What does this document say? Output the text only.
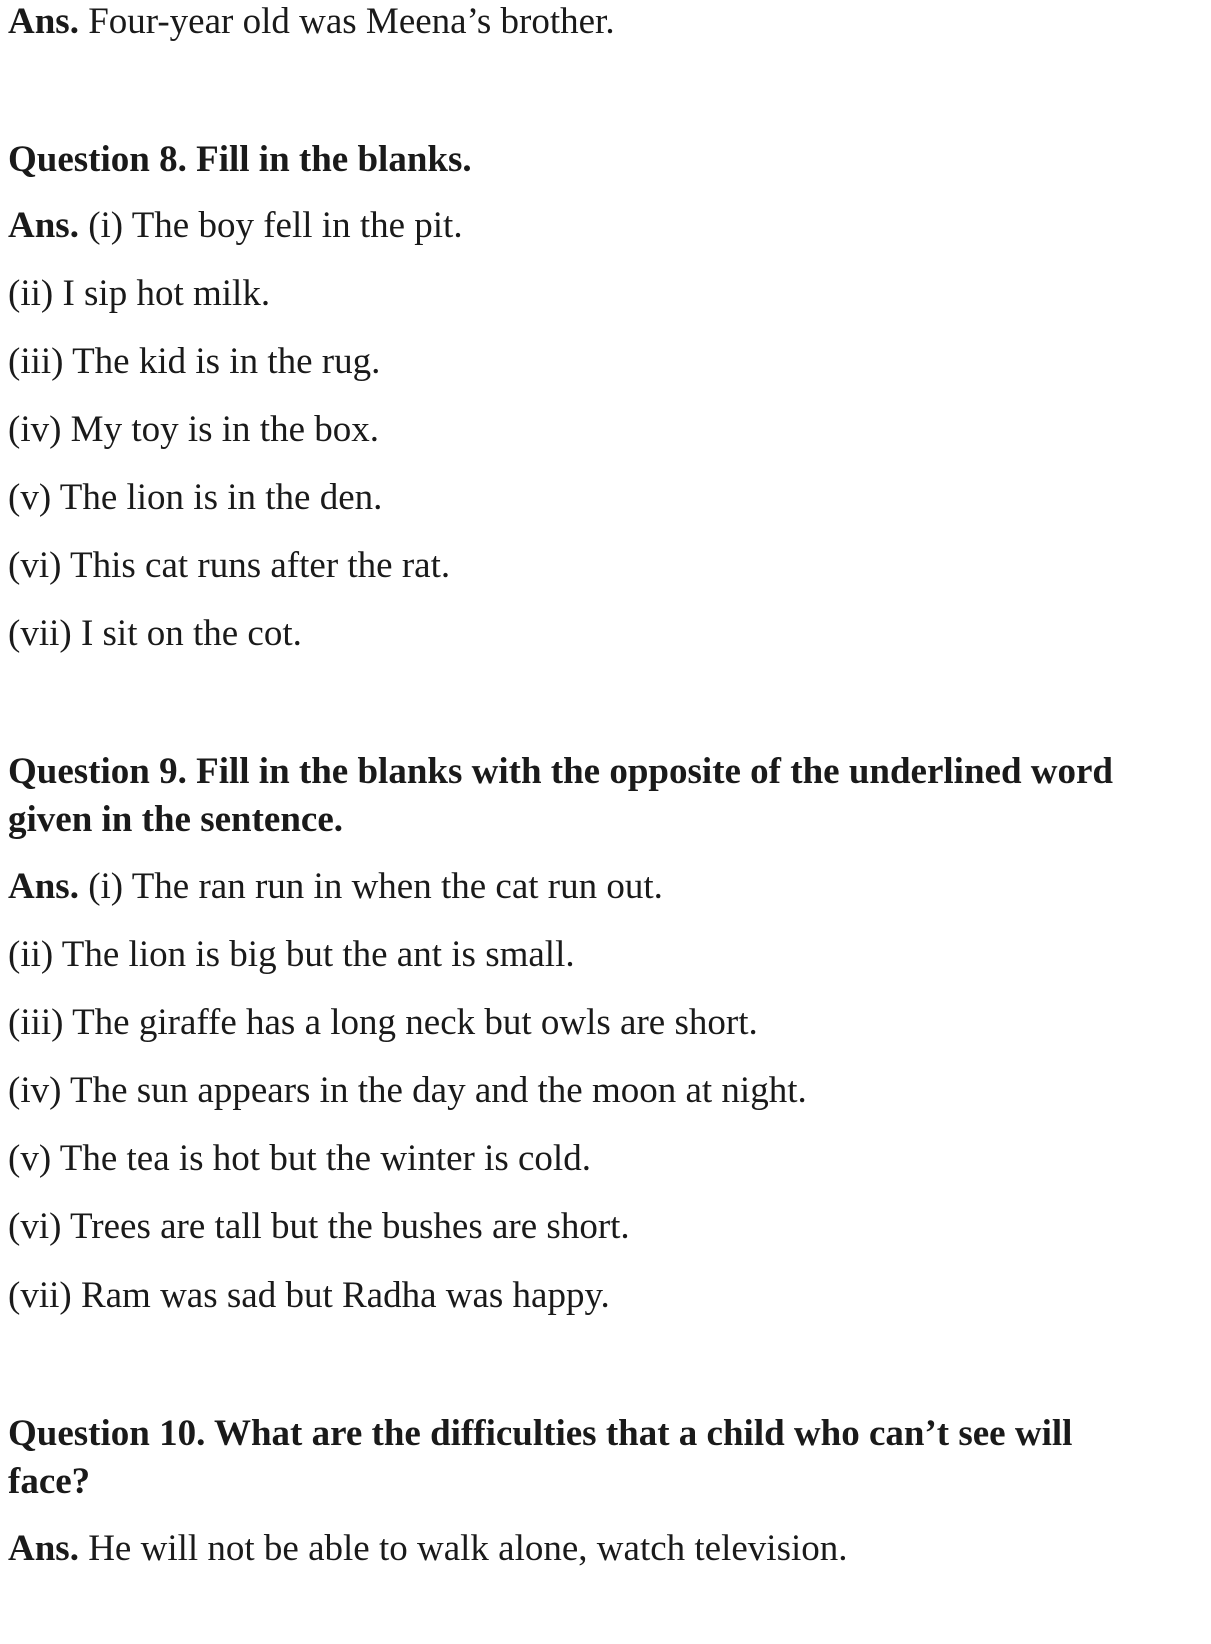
Ans. Four-year old was Meena’s brother.
Question 8. Fill in the blanks.
Ans. (i) The boy fell in the pit.
(ii) I sip hot milk.
(iii) The kid is in the rug.
(iv) My toy is in the box.
(v) The lion is in the den.
(vi) This cat runs after the rat.
(vii) I sit on the cot.
Question 9. Fill in the blanks with the opposite of the underlined word
given in the sentence.
Ans. (i) The ran run in when the cat run out.
(ii) The lion is big but the ant is small.
(iii) The giraffe has a long neck but owls are short.
(iv) The sun appears in the day and the moon at night.
(v) The tea is hot but the winter is cold.
(vi) Trees are tall but the bushes are short.
(vii) Ram was sad but Radha was happy.
Question 10. What are the difficulties that a child who can’t see will
face?
Ans. He will not be able to walk alone, watch television.
